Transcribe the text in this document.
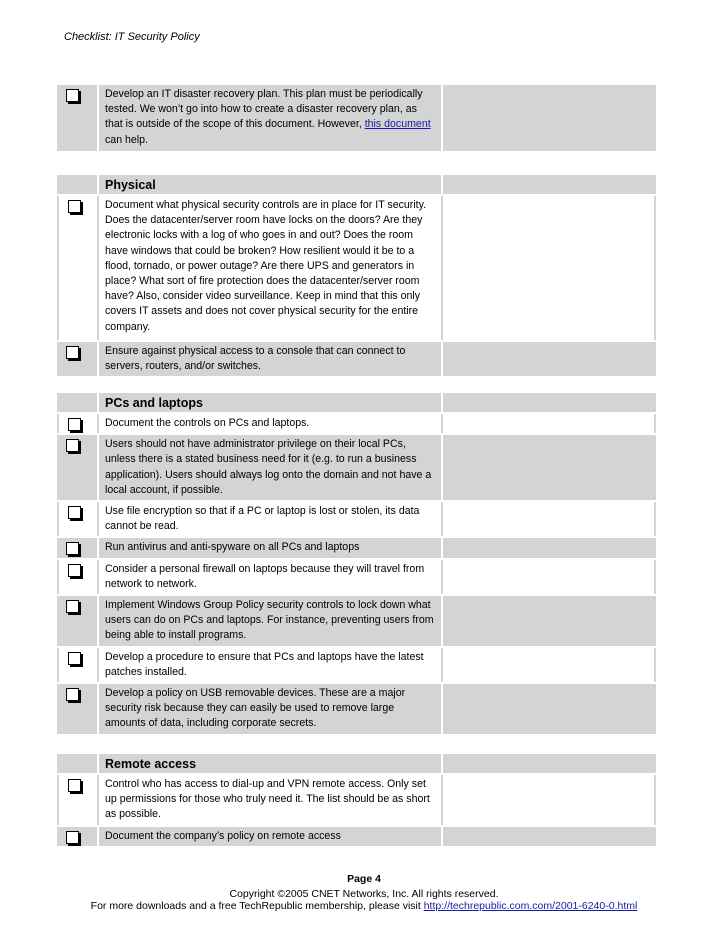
Checklist: IT Security Policy

Develop an IT disaster recovery plan. This plan must be periodically tested. We won’t go into how to create a disaster recovery plan, as that is outside of the scope of this document. However, this document can help.

	Physical	

	Document what physical security controls are in place for IT security. Does the datacenter/server room have locks on the doors? Are they electronic locks with a log of who goes in and out? Does the room have windows that could be broken? How resilient would it be to a flood, tornado, or power outage? Are there UPS and generators in place? What sort of fire protection does the datacenter/server room have? Also, consider video surveillance. Keep in mind that this only covers IT assets and does not cover physical security for the entire company.	

	Ensure against physical access to a console that can connect to servers, routers, and/or switches.	

	PCs and laptops	

	Document the controls on PCs and laptops.	

	Users should not have administrator privilege on their local PCs, unless there is a stated business need for it (e.g. to run a business application). Users should always log onto the domain and not have a local account, if possible.	

	Use file encryption so that if a PC or laptop is lost or stolen, its data cannot be read.	

	Run antivirus and anti-spyware on all PCs and laptops	

	Consider a personal firewall on laptops because they will travel from network to network.	

	Implement Windows Group Policy security controls to lock down what users can do on PCs and laptops. For instance, preventing users from being able to install programs.	

	Develop a procedure to ensure that PCs and laptops have the latest patches installed.	

	Develop a policy on USB removable devices. These are a major security risk because they can easily be used to remove large amounts of data, including corporate secrets.	

	Remote access	

	Control who has access to dial-up and VPN remote access. Only set up permissions for those who truly need it. The list should be as short as possible.	

	Document the company’s policy on remote access	

Page 4
Copyright ©2005 CNET Networks, Inc. All rights reserved.
For more downloads and a free TechRepublic membership, please visit http://techrepublic.com.com/2001-6240-0.html
